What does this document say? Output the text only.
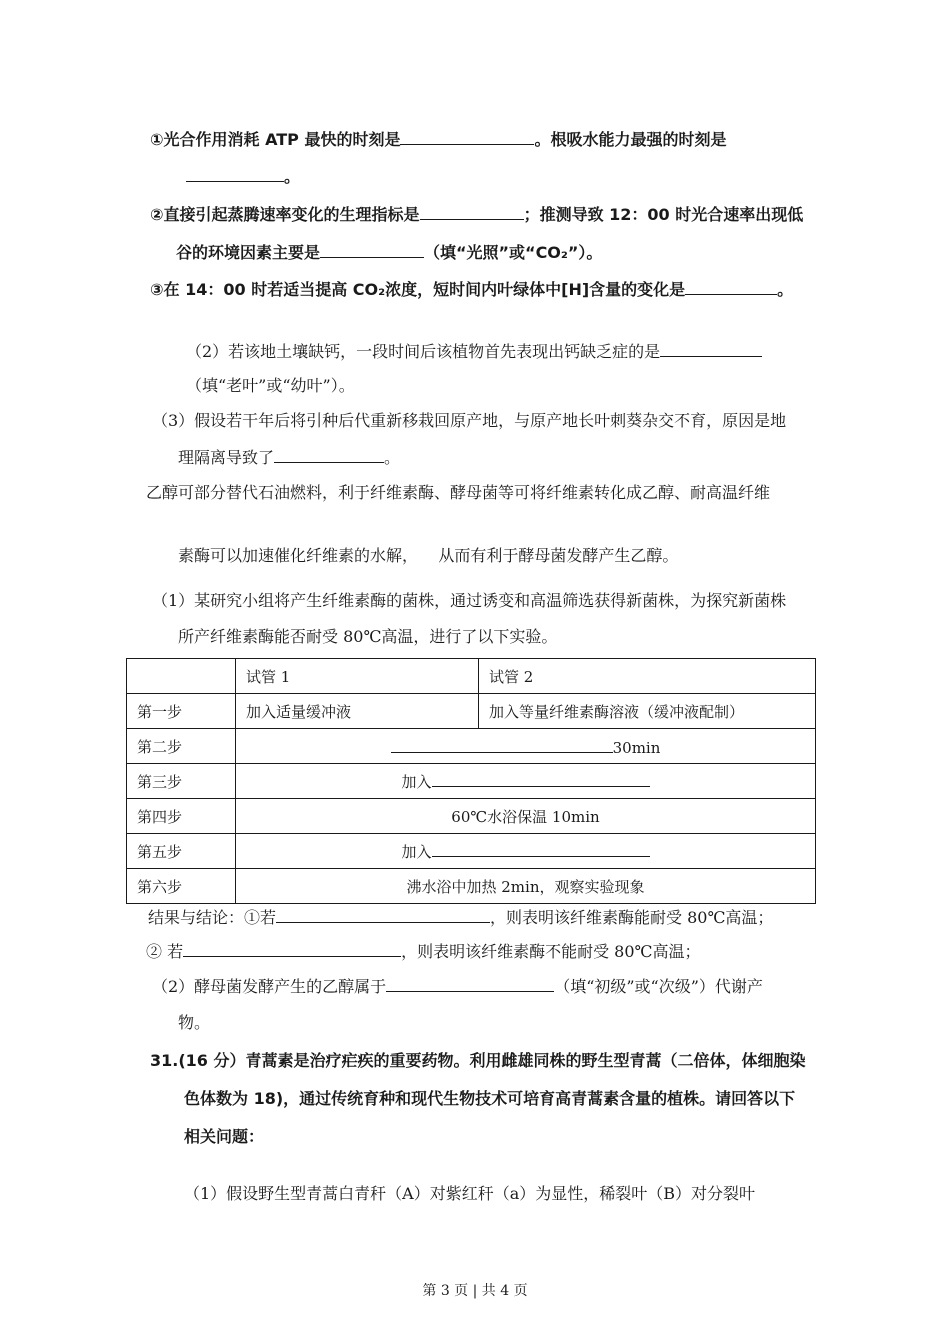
①光合作用消耗 ATP 最快的时刻是	。根吸水能力最强的时刻是
。
②直接引起蒸腾速率变化的生理指标是	；推测导致 12：00 时光合速率出现低
谷的环境因素主要是	（填“光照”或“CO₂”）。
③在 14：00 时若适当提高 CO₂浓度，短时间内叶绿体中[H]含量的变化是	。
（2）若该地土壤缺钙，一段时间后该植物首先表现出钙缺乏症的是
（填“老叶”或“幼叶”）。
（3）假设若干年后将引种后代重新移栽回原产地，与原产地长叶刺葵杂交不育，原因是地
理隔离导致了	。
乙醇可部分替代石油燃料，利于纤维素酶、酵母菌等可将纤维素转化成乙醇、耐高温纤维
素酶可以加速催化纤维素的水解，    从而有利于酵母菌发酵产生乙醇。
（1）某研究小组将产生纤维素酶的菌株，通过诱变和高温筛选获得新菌株，为探究新菌株
所产纤维素酶能否耐受 80℃高温，进行了以下实验。
	试管 1	试管 2
第一步	加入适量缓冲液	加入等量纤维素酶溶液（缓冲液配制）
第二步	30min	
第三步	加入	
第四步	60℃水浴保温 10min	
第五步	加入	
第六步	沸水浴中加热 2min，观察实验现象	
结果与结论：①若	，则表明该纤维素酶能耐受 80℃高温；
② 若	，则表明该纤维素酶不能耐受 80℃高温；
（2）酵母菌发酵产生的乙醇属于	（填“初级”或“次级”）代谢产
物。
31.(16 分）青蒿素是治疗疟疾的重要药物。利用雌雄同株的野生型青蒿（二倍体，体细胞染
色体数为 18)，通过传统育种和现代生物技术可培育高青蒿素含量的植株。请回答以下
相关问题：
（1）假设野生型青蒿白青秆（A）对紫红秆（a）为显性，稀裂叶（B）对分裂叶
第 3 页 | 共 4 页
